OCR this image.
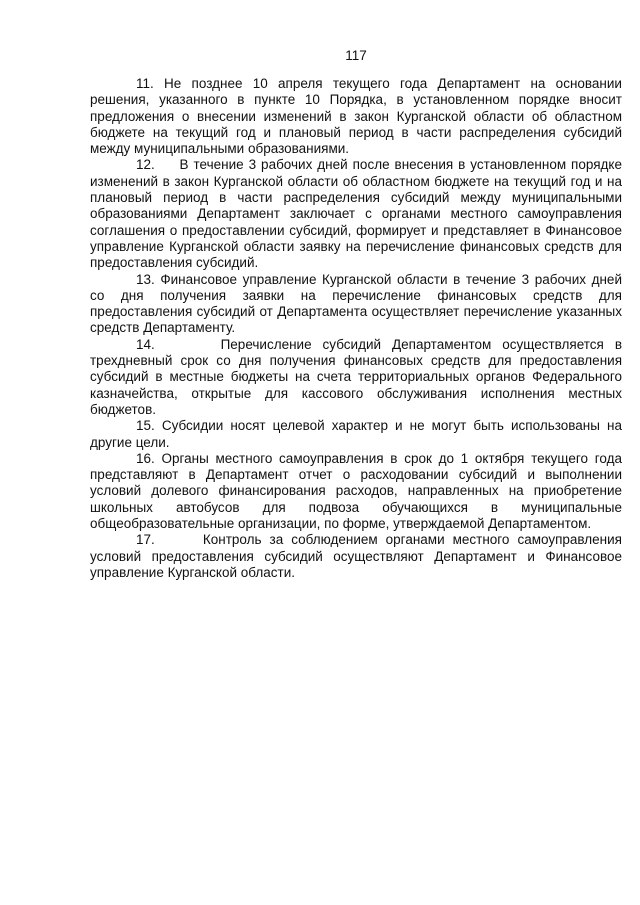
117

11. Не позднее 10 апреля текущего года Департамент на основании решения, указанного в пункте 10 Порядка, в установленном порядке вносит предложения о внесении изменений в закон Курганской области об областном бюджете на текущий год и плановый период в части распределения субсидий между муниципальными образованиями.

12. В течение 3 рабочих дней после внесения в установленном порядке изменений в закон Курганской области об областном бюджете на текущий год и на плановый период в части распределения субсидий между муниципальными образованиями Департамент заключает с органами местного самоуправления соглашения о предоставлении субсидий, формирует и представляет в Финансовое управление Курганской области заявку на перечисление финансовых средств для предоставления субсидий.

13. Финансовое управление Курганской области в течение 3 рабочих дней со дня получения заявки на перечисление финансовых средств для предоставления субсидий от Департамента осуществляет перечисление указанных средств Департаменту.

14.	Перечисление субсидий Департаментом осуществляется в трехдневный срок со дня получения финансовых средств для предоставления субсидий в местные бюджеты на счета территориальных органов Федерального казначейства, открытые для кассового обслуживания исполнения местных бюджетов.

15. Субсидии носят целевой характер и не могут быть использованы на другие цели.

16. Органы местного самоуправления в срок до 1 октября текущего года представляют в Департамент отчет о расходовании субсидий и выполнении условий долевого финансирования расходов, направленных на приобретение школьных автобусов для подвоза обучающихся в муниципальные общеобразовательные организации, по форме, утверждаемой Департаментом.

17.	Контроль за соблюдением органами местного самоуправления условий предоставления субсидий осуществляют Департамент и Финансовое управление Курганской области.
